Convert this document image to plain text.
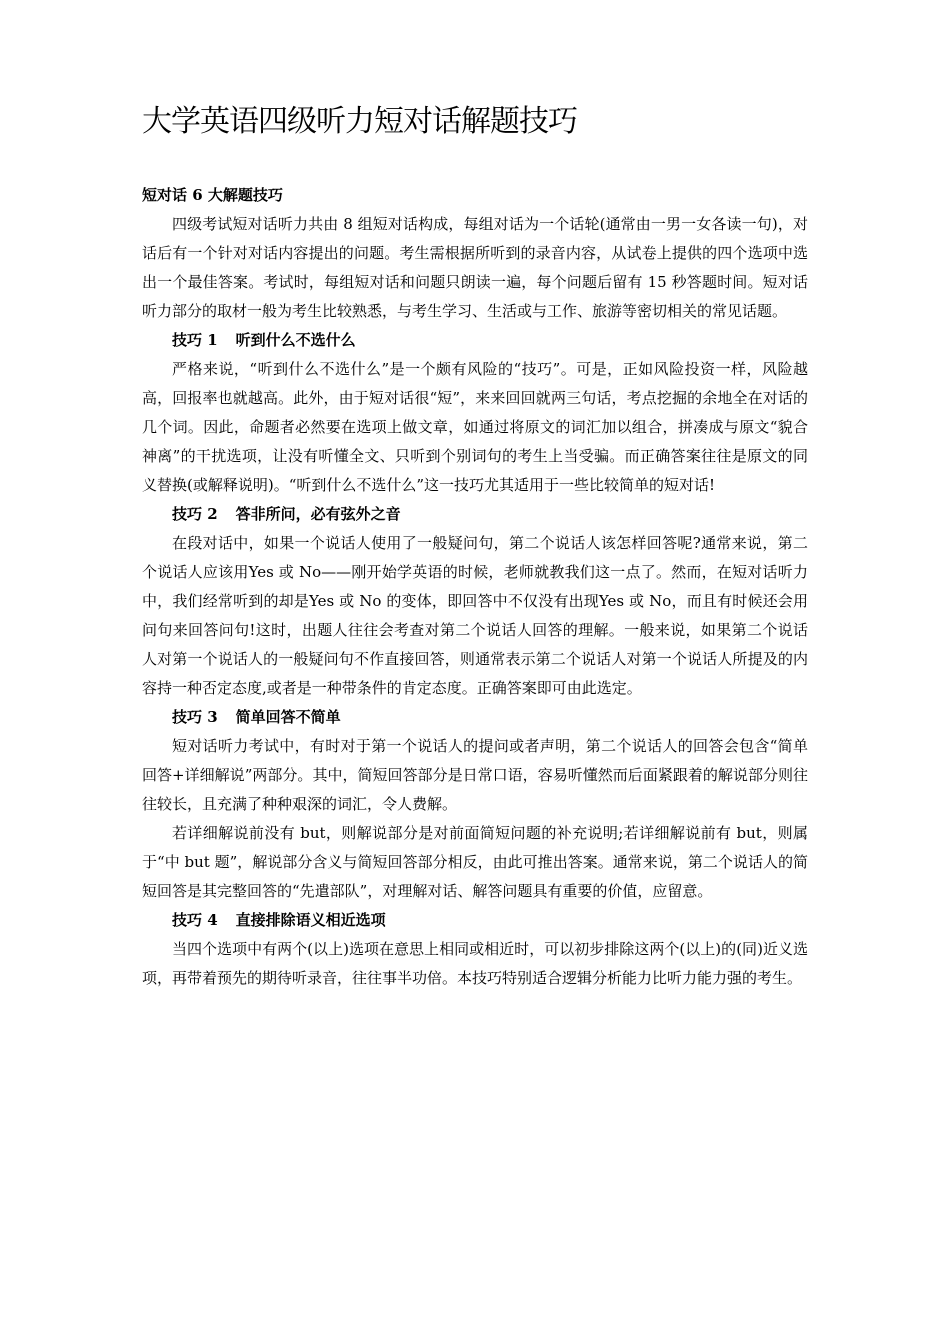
大学英语四级听力短对话解题技巧

短对话 6 大解题技巧

四级考试短对话听力共由 8 组短对话构成，每组对话为一个话轮(通常由一男一女各读一句)，对话后有一个针对对话内容提出的问题。考生需根据所听到的录音内容，从试卷上提供的四个选项中选出一个最佳答案。考试时，每组短对话和问题只朗读一遍，每个问题后留有 15 秒答题时间。短对话听力部分的取材一般为考生比较熟悉，与考生学习、生活或与工作、旅游等密切相关的常见话题。

技巧 1 听到什么不选什么

严格来说，“听到什么不选什么”是一个颇有风险的“技巧”。可是，正如风险投资一样，风险越高，回报率也就越高。此外，由于短对话很“短”，来来回回就两三句话，考点挖掘的余地全在对话的几个词。因此，命题者必然要在选项上做文章，如通过将原文的词汇加以组合，拼凑成与原文“貌合神离”的干扰选项，让没有听懂全文、只听到个别词句的考生上当受骗。而正确答案往往是原文的同义替换(或解释说明)。“听到什么不选什么”这一技巧尤其适用于一些比较简单的短对话!

技巧 2 答非所问，必有弦外之音

在段对话中，如果一个说话人使用了一般疑问句，第二个说话人该怎样回答呢?通常来说，第二个说话人应该用Yes 或 No——刚开始学英语的时候，老师就教我们这一点了。然而，在短对话听力中，我们经常听到的却是Yes 或 No 的变体，即回答中不仅没有出现Yes 或 No，而且有时候还会用问句来回答问句!这时，出题人往往会考查对第二个说话人回答的理解。一般来说，如果第二个说话人对第一个说话人的一般疑问句不作直接回答，则通常表示第二个说话人对第一个说话人所提及的内容持一种否定态度,或者是一种带条件的肯定态度。正确答案即可由此选定。

技巧 3 简单回答不简单

短对话听力考试中，有时对于第一个说话人的提问或者声明，第二个说话人的回答会包含“简单回答+详细解说”两部分。其中，简短回答部分是日常口语，容易听懂然而后面紧跟着的解说部分则往往较长，且充满了种种艰深的词汇，令人费解。

若详细解说前没有 but，则解说部分是对前面简短问题的补充说明;若详细解说前有 but，则属于“中 but 题”，解说部分含义与简短回答部分相反，由此可推出答案。通常来说，第二个说话人的简短回答是其完整回答的“先遣部队”，对理解对话、解答问题具有重要的价值，应留意。

技巧 4 直接排除语义相近选项

当四个选项中有两个(以上)选项在意思上相同或相近时，可以初步排除这两个(以上)的(同)近义选项，再带着预先的期待听录音，往往事半功倍。本技巧特别适合逻辑分析能力比听力能力强的考生。
